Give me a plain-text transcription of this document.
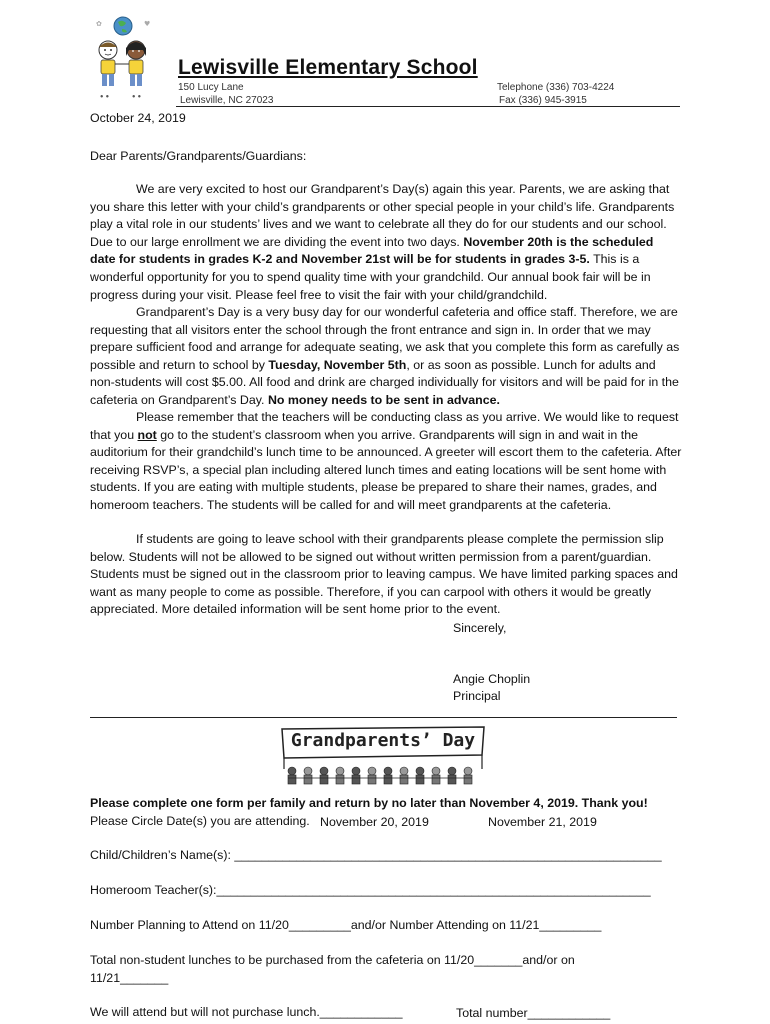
✿	♥
ꔷ ꔷ	ꔷ ꔷ
Lewisville Elementary School
150 Lucy Lane
Lewisville, NC 27023
Telephone (336) 703-4224
Fax (336) 945-3915
October 24, 2019
Dear Parents/Grandparents/Guardians:

We are very excited to host our Grandparent’s Day(s) again this year. Parents, we are asking that you share this letter with your child’s grandparents or other special people in your child’s life. Grandparents play a vital role in our students’ lives and we want to celebrate all they do for our students and our school. Due to our large enrollment we are dividing the event into two days. November 20th is the scheduled date for students in grades K-2 and November 21st will be for students in grades 3-5. This is a wonderful opportunity for you to spend quality time with your grandchild. Our annual book fair will be in progress during your visit. Please feel free to visit the fair with your child/grandchild.

Grandparent’s Day is a very busy day for our wonderful cafeteria and office staff. Therefore, we are requesting that all visitors enter the school through the front entrance and sign in. In order that we may prepare sufficient food and arrange for adequate seating, we ask that you complete this form as carefully as possible and return to school by Tuesday, November 5th, or as soon as possible. Lunch for adults and non-students will cost $5.00. All food and drink are charged individually for visitors and will be paid for in the cafeteria on Grandparent’s Day. No money needs to be sent in advance.

Please remember that the teachers will be conducting class as you arrive. We would like to request that you not go to the student’s classroom when you arrive. Grandparents will sign in and wait in the auditorium for their grandchild’s lunch time to be announced. A greeter will escort them to the cafeteria. After receiving RSVP’s, a special plan including altered lunch times and eating locations will be sent home with students. If you are eating with multiple students, please be prepared to share their names, grades, and homeroom teachers. The students will be called for and will meet grandparents at the cafeteria.

If students are going to leave school with their grandparents please complete the permission slip below. Students will not be allowed to be signed out without written permission from a parent/guardian. Students must be signed out in the classroom prior to leaving campus. We have limited parking spaces and want as many people to come as possible. Therefore, if you can carpool with others it would be greatly appreciated. More detailed information will be sent home prior to the event.

Sincerely,
Angie Choplin
Principal
Grandparents’ Day
Please complete one form per family and return by no later than November 4, 2019. Thank you!
Please Circle Date(s) you are attending. November 20, 2019	November 21, 2019
Child/Children’s Name(s): ______________________________________________________________
Homeroom Teacher(s):_______________________________________________________________
Number Planning to Attend on 11/20_________and/or Number Attending on 11/21_________
Total non-student lunches to be purchased from the cafeteria on 11/20_______and/or on
11/21_______
We will attend but will not purchase lunch.____________	Total number____________
